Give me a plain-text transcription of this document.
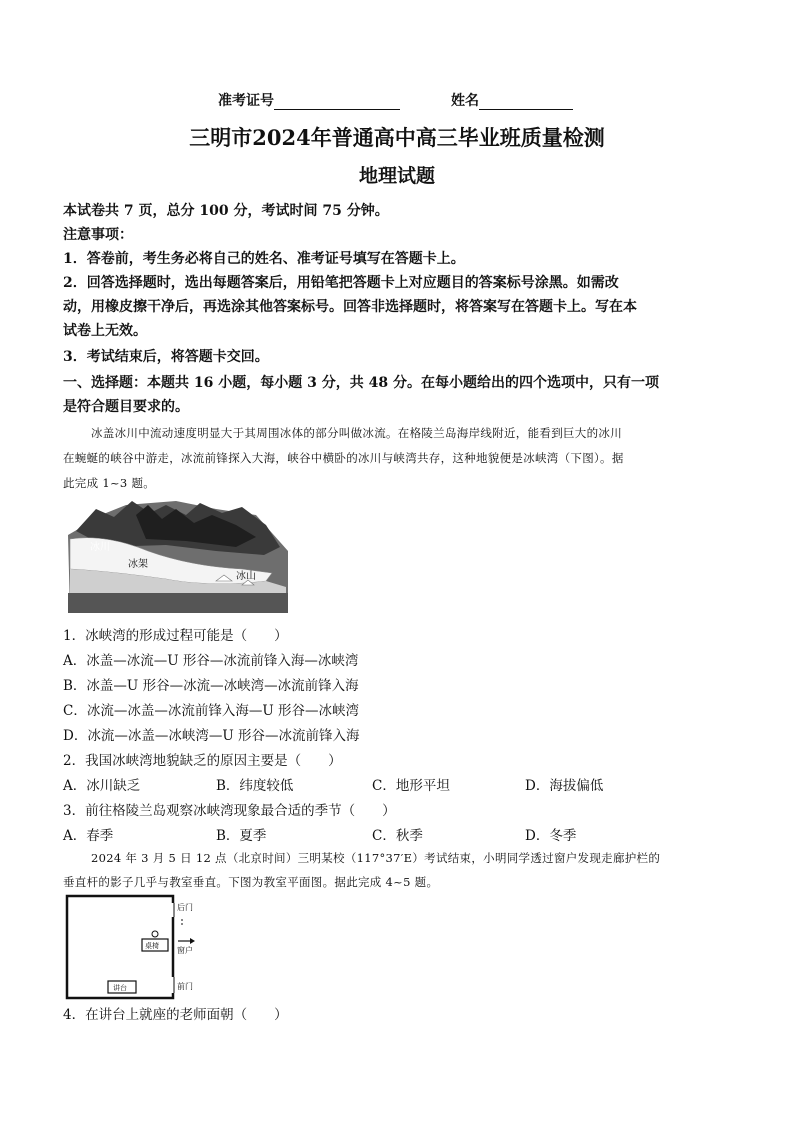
准考证号	姓名
三明市2024年普通高中高三毕业班质量检测
地理试题
本试卷共 7 页，总分 100 分，考试时间 75 分钟。
注意事项：
1．答卷前，考生务必将自己的姓名、准考证号填写在答题卡上。
2．回答选择题时，选出每题答案后，用铅笔把答题卡上对应题目的答案标号涂黑。如需改
动，用橡皮擦干净后，再选涂其他答案标号。回答非选择题时，将答案写在答题卡上。写在本
试卷上无效。
3．考试结束后，将答题卡交回。
一、选择题：本题共 16 小题，每小题 3 分，共 48 分。在每小题给出的四个选项中，只有一项
是符合题目要求的。
冰盖冰川中流动速度明显大于其周围冰体的部分叫做冰流。在格陵兰岛海岸线附近，能看到巨大的冰川
在蜿蜒的峡谷中游走，冰流前锋探入大海，峡谷中横卧的冰川与峡湾共存，这种地貌便是冰峡湾（下图）。据
此完成 1~3 题。
冰川
冰架
冰山
1．冰峡湾的形成过程可能是（　　）
A．冰盖—冰流—U 形谷—冰流前锋入海—冰峡湾
B．冰盖—U 形谷—冰流—冰峡湾—冰流前锋入海
C．冰流—冰盖—冰流前锋入海—U 形谷—冰峡湾
D．冰流—冰盖—冰峡湾—U 形谷—冰流前锋入海
2．我国冰峡湾地貌缺乏的原因主要是（　　）
A．冰川缺乏	B．纬度较低	C．地形平坦	D．海拔偏低
3．前往格陵兰岛观察冰峡湾现象最合适的季节（　　）
A．春季	B．夏季	C．秋季	D．冬季
2024 年 3 月 5 日 12 点（北京时间）三明某校（117°37′E）考试结束，小明同学透过窗户发现走廊护栏的
垂直杆的影子几乎与教室垂直。下图为教室平面图。据此完成 4~5 题。
后门
桌椅 窗户
前门
讲台
4．在讲台上就座的老师面朝（　　）
